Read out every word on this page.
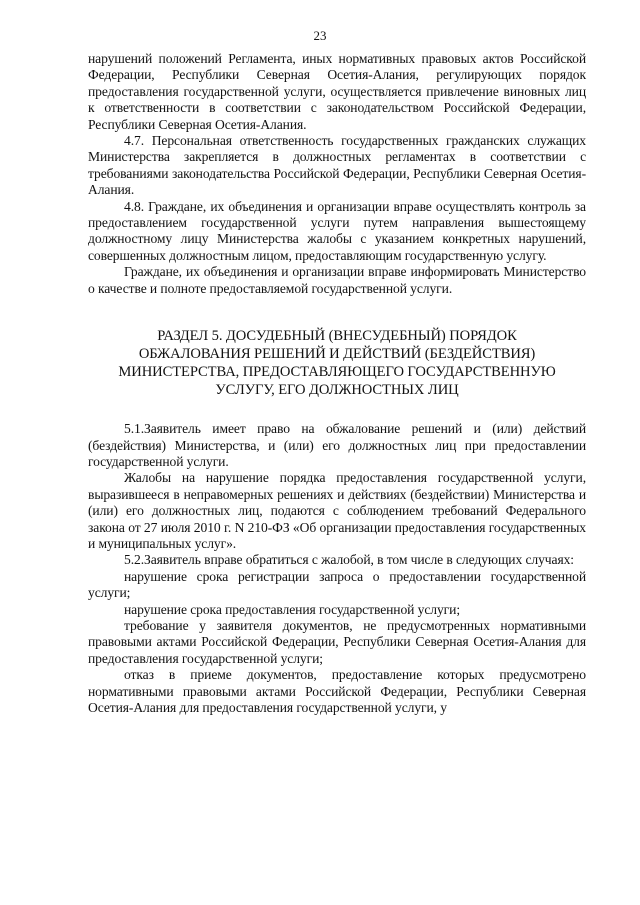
23

нарушений положений Регламента, иных нормативных правовых актов Российской Федерации, Республики Северная Осетия-Алания, регулирующих порядок предоставления государственной услуги, осуществляется привлечение виновных лиц к ответственности в соответствии с законодательством Российской Федерации, Республики Северная Осетия-Алания.

4.7. Персональная ответственность государственных гражданских служащих Министерства закрепляется в должностных регламентах в соответствии с требованиями законодательства Российской Федерации, Республики Северная Осетия-Алания.

4.8. Граждане, их объединения и организации вправе осуществлять контроль за предоставлением государственной услуги путем направления вышестоящему должностному лицу Министерства жалобы с указанием конкретных нарушений, совершенных должностным лицом, предоставляющим государственную услугу.

Граждане, их объединения и организации вправе информировать Министерство о качестве и полноте предоставляемой государственной услуги.

РАЗДЕЛ 5. ДОСУДЕБНЫЙ (ВНЕСУДЕБНЫЙ) ПОРЯДОК
ОБЖАЛОВАНИЯ РЕШЕНИЙ И ДЕЙСТВИЙ (БЕЗДЕЙСТВИЯ)
МИНИСТЕРСТВА, ПРЕДОСТАВЛЯЮЩЕГО ГОСУДАРСТВЕННУЮ
УСЛУГУ, ЕГО ДОЛЖНОСТНЫХ ЛИЦ

5.1.Заявитель имеет право на обжалование решений и (или) действий (бездействия) Министерства, и (или) его должностных лиц при предоставлении государственной услуги.

Жалобы на нарушение порядка предоставления государственной услуги, выразившееся в неправомерных решениях и действиях (бездействии) Министерства и (или) его должностных лиц, подаются с соблюдением требований Федерального закона от 27 июля 2010 г. N 210-ФЗ «Об организации предоставления государственных и муниципальных услуг».

5.2.Заявитель вправе обратиться с жалобой, в том числе в следующих случаях:

нарушение срока регистрации запроса о предоставлении государственной услуги;

нарушение срока предоставления государственной услуги;

требование у заявителя документов, не предусмотренных нормативными правовыми актами Российской Федерации, Республики Северная Осетия-Алания для предоставления государственной услуги;

отказ в приеме документов, предоставление которых предусмотрено нормативными правовыми актами Российской Федерации, Республики Северная Осетия-Алания для предоставления государственной услуги, у
